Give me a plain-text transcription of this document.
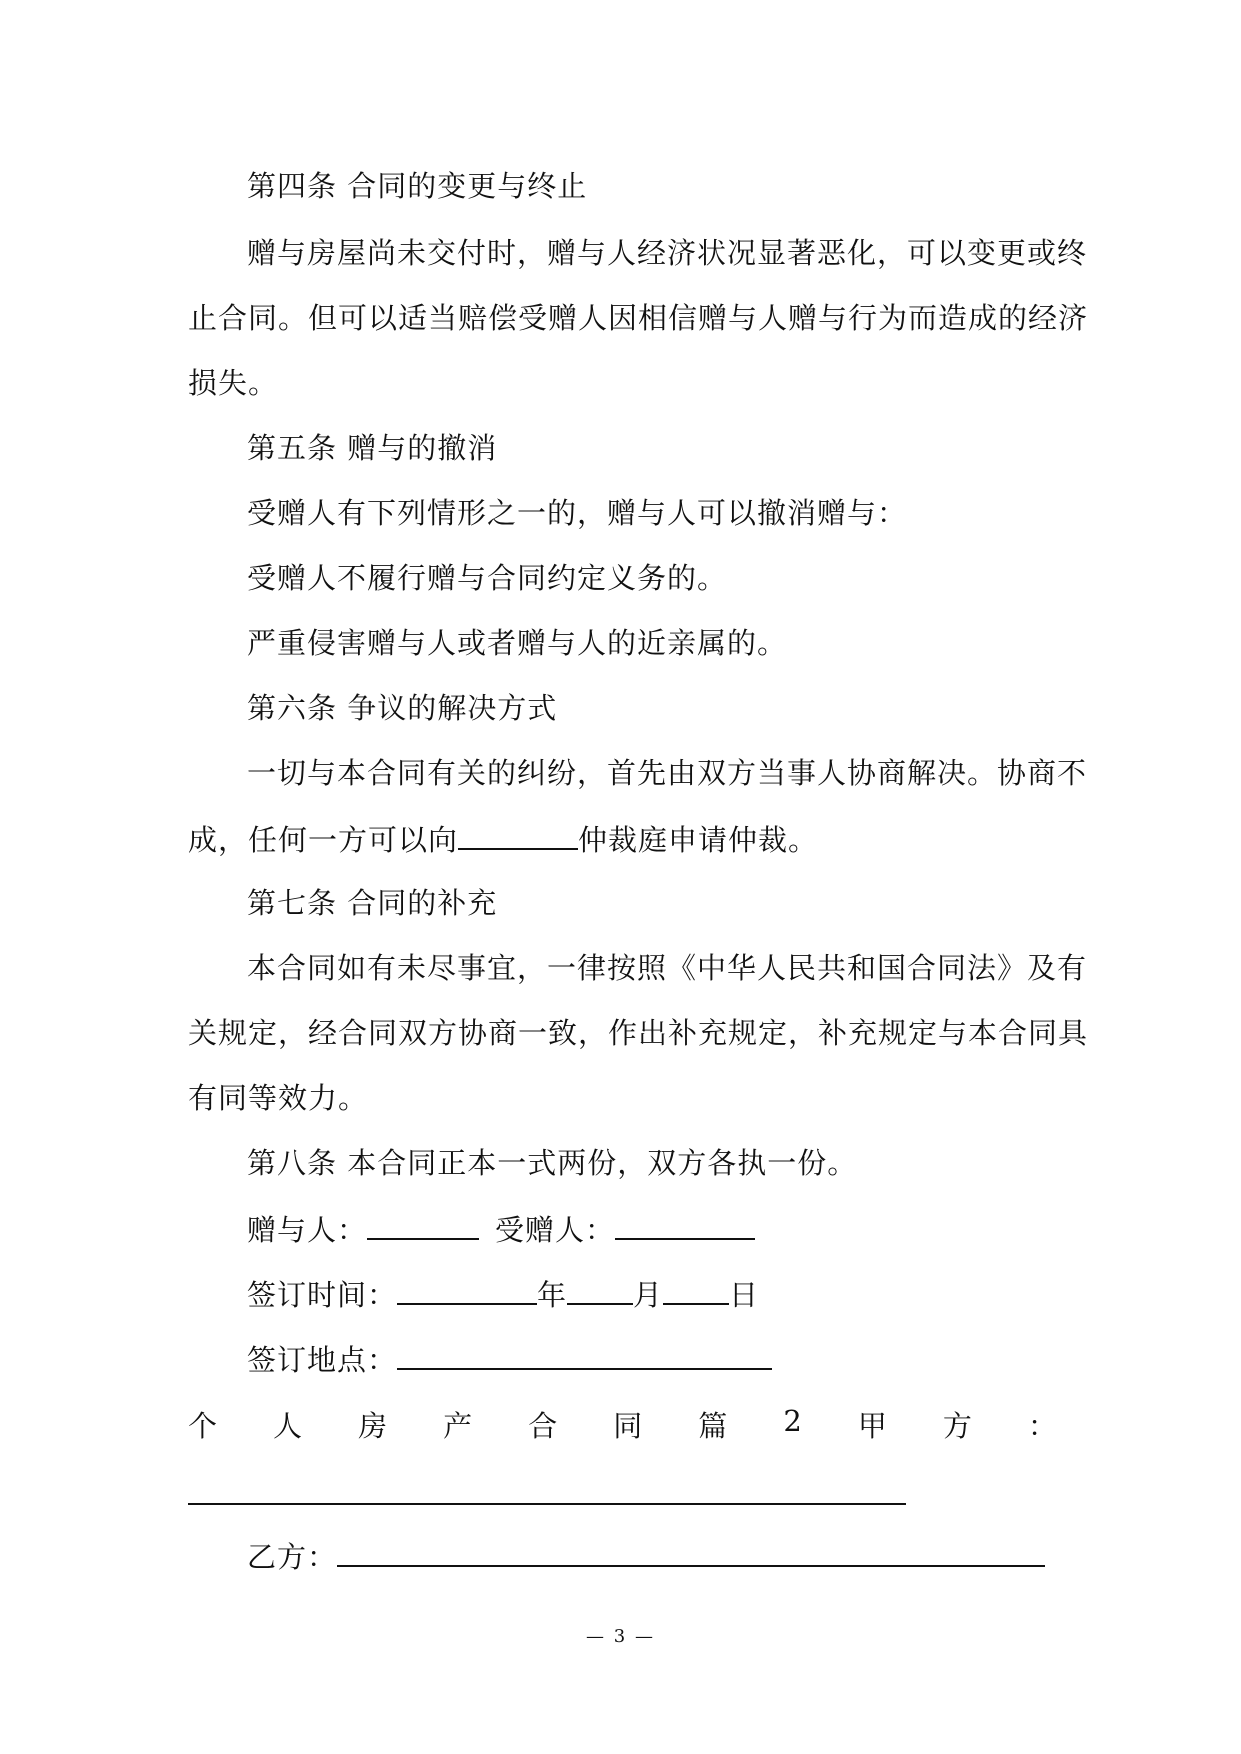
第四条 合同的变更与终止
赠与房屋尚未交付时，赠与人经济状况显著恶化，可以变更或终
止合同。但可以适当赔偿受赠人因相信赠与人赠与行为而造成的经济
损失。
第五条 赠与的撤消
受赠人有下列情形之一的，赠与人可以撤消赠与：
受赠人不履行赠与合同约定义务的。
严重侵害赠与人或者赠与人的近亲属的。
第六条 争议的解决方式
一切与本合同有关的纠纷，首先由双方当事人协商解决。协商不
成，任何一方可以向	仲裁庭申请仲裁。
第七条 合同的补充
本合同如有未尽事宜，一律按照《中华人民共和国合同法》及有
关规定，经合同双方协商一致，作出补充规定，补充规定与本合同具
有同等效力。
第八条 本合同正本一式两份，双方各执一份。
赠与人：	受赠人：
签订时间：	年 月 日
签订地点：
个 人 房 产 合 同 篇 2 甲 方 ：
乙方：
— 3 —
